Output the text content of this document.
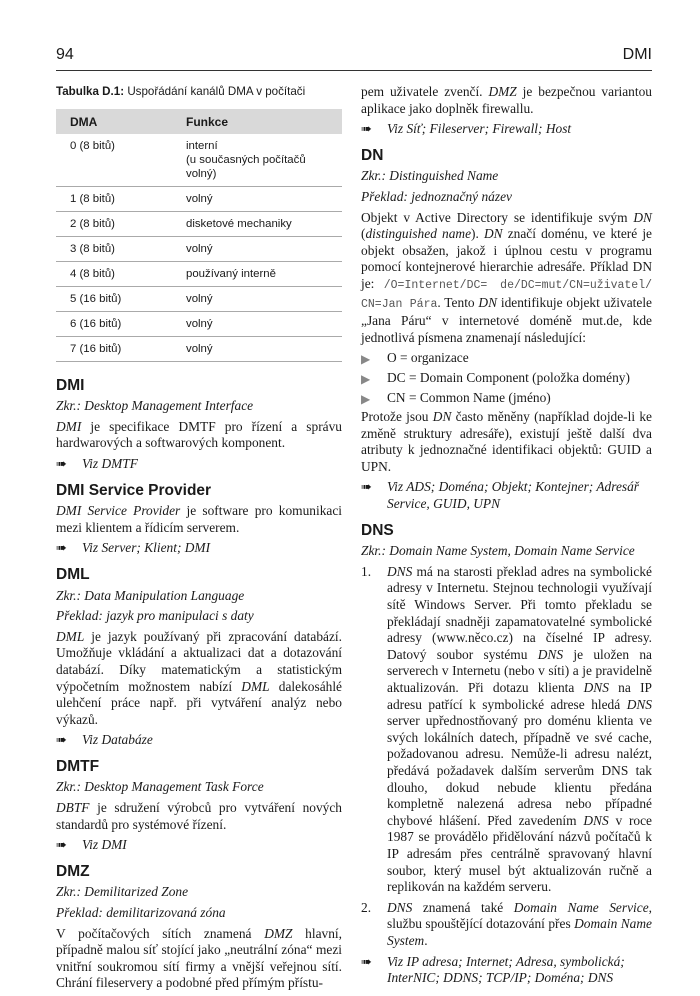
94	DMI
Tabulka D.1: Uspořádání kanálů DMA v počítači
DMA	Funkce
0 (8 bitů)	interní
(u současných počítačů volný)
1 (8 bitů)	volný
2 (8 bitů)	disketové mechaniky
3 (8 bitů)	volný
4 (8 bitů)	používaný interně
5 (16 bitů)	volný
6 (16 bitů)	volný
7 (16 bitů)	volný
DMI
Zkr.: Desktop Management Interface

DMI je specifikace DMTF pro řízení a správu hardwarových a softwarových komponent.

➠ Viz DMTF
DMI Service Provider

DMI Service Provider je software pro komunikaci mezi klientem a řídicím serverem.

➠ Viz Server; Klient; DMI
DML
Zkr.: Data Manipulation Language
Překlad: jazyk pro manipulaci s daty

DML je jazyk používaný při zpracování databází. Umožňuje vkládání a aktualizaci dat a dotazování databází. Díky matematickým a statistickým výpočetním možnostem nabízí DML dalekosáhlé ulehčení práce např. při vytváření analýz nebo výkazů.

➠ Viz Databáze
DMTF
Zkr.: Desktop Management Task Force

DBTF je sdružení výrobců pro vytváření nových standardů pro systémové řízení.

➠ Viz DMI
DMZ
Zkr.: Demilitarized Zone
Překlad: demilitarizovaná zóna

V počítačových sítích znamená DMZ hlavní, případně malou síť stojící jako „neutrální zóna“ mezi vnitřní soukromou sítí firmy a vnější veřejnou sítí. Chrání fileservery a podobné před přímým přístu-

pem uživatele zvenčí. DMZ je bezpečnou variantou aplikace jako doplněk firewallu.

➠ Viz Síť; Fileserver; Firewall; Host
DN
Zkr.: Distinguished Name
Překlad: jednoznačný název

Objekt v Active Directory se identifikuje svým DN (distinguished name). DN značí doménu, ve které je objekt obsažen, jakož i úplnou cestu v programu pomocí kontejnerové hierarchie adresáře. Příklad DN je: /O=Internet/DC= de/DC=mut/CN=uživatel/ CN=Jan Pára. Tento DN identifikuje objekt uživatele „Jana Páru“ v internetové doméně mut.de, kde jednotlivá písmena znamenají následující:

▶ O = organizace
▶ DC = Domain Component (položka domény)
▶ CN = Common Name (jméno)

Protože jsou DN často měněny (například dojde-li ke změně struktury adresáře), existují ještě další dva atributy k jednoznačné identifikaci objektů: GUID a UPN.

➠ Viz ADS; Doména; Objekt; Kontejner; Adresář Service, GUID, UPN
DNS
Zkr.: Domain Name System, Domain Name Service
1. DNS má na starosti překlad adres na symbolické adresy v Internetu. Stejnou technologii využívají sítě Windows Server. Při tomto překladu se překládají snadněji zapamatovatelné symbolické adresy (www.něco.cz) na číselné IP adresy. Datový soubor systému DNS je uložen na serverech v Internetu (nebo v síti) a je pravidelně aktualizován. Při dotazu klienta DNS na IP adresu patřící k symbolické adrese hledá DNS server upřednostňovaný pro doménu klienta ve svých lokálních datech, případně ve své cache, požadovanou adresu. Nemůže-li adresu nalézt, předává požadavek dalším serverům DNS tak dlouho, dokud nebude klientu předána kompletně nalezená adresa nebo případné chybové hlášení. Před zavedením DNS v roce 1987 se provádělo přidělování názvů počítačů k IP adresám přes centrálně spravovaný hlavní soubor, který musel být aktualizován ručně a replikován na každém serveru.
2. DNS znamená také Domain Name Service, službu spouštějící dotazování přes Domain Name System.
➠ Viz IP adresa; Internet; Adresa, symbolická; InterNIC; DDNS; TCP/IP; Doména; DNS
